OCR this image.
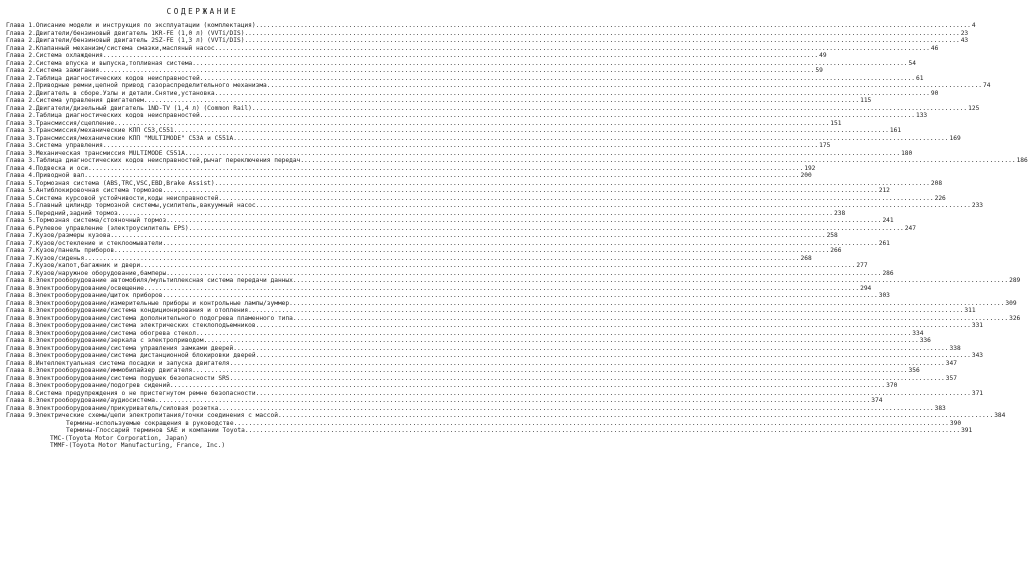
СОДЕРЖАНИЕ
Глава 1. Описание модели и инструкция по эксплуатации (комплектация) .....	4
Глава 2. Двигатели/бензиновый двигатель 1KR-FE (1,0 л) (VVTi/DIS) .....	23
Глава 2. Двигатели/бензиновый двигатель 2SZ-FE (1,3 л) (VVTi/DIS) .....	43
Глава 2. Клапанный механизм/система смазки,масляный насос .....	46
Глава 2. Система охлаждения .....	49
Глава 2. Система впуска и выпуска,топливная система .....	54
Глава 2. Система зажигания .....	59
Глава 2. Таблица диагностических кодов неисправностей .....	61
Глава 2. Приводные ремни,цепной привод газораспределительного механизма .....	74
Глава 2. Двигатель в сборе.Узлы и детали.Снятие,установка .....	90
Глава 2. Система управления двигателем .....	115
Глава 2. Двигатели/дизельный двигатель 1ND-TV (1,4 л) (Common Rail) .....	125
Глава 2. Таблица диагностических кодов неисправностей .....	133
Глава 3. Трансмиссия/сцепление .....	151
Глава 3. Трансмиссия/механические КПП C53,C551 .....	161
Глава 3. Трансмиссия/механические КПП "MULTIMODE" C53A и C551A .....	169
Глава 3. Система управления .....	175
Глава 3. Механическая трансмиссия MULTIMODE C551A .....	180
Глава 3. Таблица диагностических кодов неисправностей,рычаг переключения передач .....	186
Глава 4. Подвеска и оси .....	192
Глава 4. Приводной вал .....	200
Глава 5. Тормозная система (ABS,TRC,VSC,EBD,Brake Assist) .....	208
Глава 5. Антиблокировочная система тормозов .....	212
Глава 5. Система курсовой устойчивости,коды неисправностей .....	226
Глава 5. Главный цилиндр тормозной системы,усилитель,вакуумный насос .....	233
Глава 5. Передний,задний тормоз .....	238
Глава 5. Тормозная система/стояночный тормоз .....	241
Глава 6. Рулевое управление (электроусилитель EPS) .....	247
Глава 7. Кузов/размеры кузова .....	258
Глава 7. Кузов/остекление и стеклоомыватели .....	261
Глава 7. Кузов/панель приборов .....	266
Глава 7. Кузов/сиденья .....	268
Глава 7. Кузов/капот,багажник и двери .....	277
Глава 7. Кузов/наружное оборудование,бамперы .....	286
Глава 8. Электрооборудование автомобиля/мультиплексная система передачи данных .....	289
Глава 8. Электрооборудование/освещение .....	294
Глава 8. Электрооборудование/щиток приборов .....	303
Глава 8. Электрооборудование/измерительные приборы и контрольные лампы/зуммер .....	309
Глава 8. Электрооборудование/система кондиционирования и отопления .....	311
Глава 8. Электрооборудование/система дополнительного подогрева пламенного типа .....	326
Глава 8. Электрооборудование/система электрических стеклоподъемников .....	331
Глава 8. Электрооборудование/система обогрева стекол .....	334
Глава 8. Электрооборудование/зеркала с электроприводом .....	336
Глава 8. Электрооборудование/система управления замками дверей .....	338
Глава 8. Электрооборудование/система дистанционной блокировки дверей .....	343
Глава 8. Интеллектуальная система посадки и запуска двигателя .....	347
Глава 8. Электрооборудование/иммобилайзер двигателя .....	356
Глава 8. Электрооборудование/система подушек безопасности SRS .....	357
Глава 8. Электрооборудование/подогрев сидений .....	370
Глава 8. Система предупреждения о не пристегнутом ремне безопасности .....	371
Глава 8. Электрооборудование/аудиосистема .....	374
Глава 8. Электрооборудование/прикуриватель/силовая розетка .....	383
Глава 9. Электрические схемы/цепи электропитания/точки соединения с массой .....	384
Термины-используемые сокращения в руководстве .....	390
Термины-Глоссарий терминов SAE и компании Toyota .....	391
TMC-(Toyota Motor Corporation, Japan)
TMMF-(Toyota Motor Manufacturing, France, Inc.)
